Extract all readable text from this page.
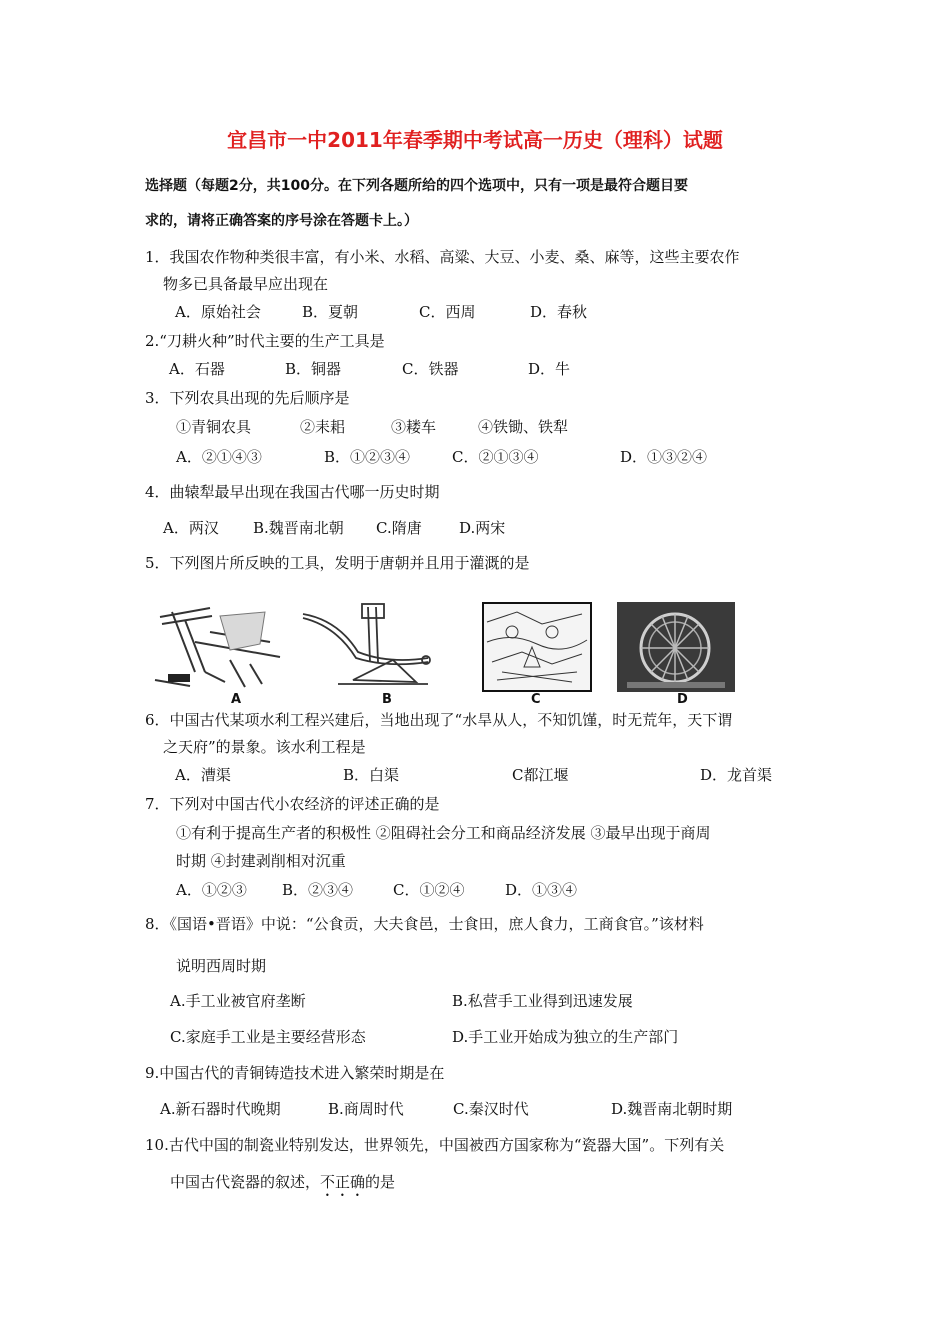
宜昌市一中2011年春季期中考试高一历史（理科）试题
选择题（每题2分，共100分。在下列各题所给的四个选项中，只有一项是最符合题目要
求的，请将正确答案的序号涂在答题卡上。）
1．我国农作物种类很丰富，有小米、水稻、高粱、大豆、小麦、桑、麻等，这些主要农作
物多已具备最早应出现在
A．原始社会	B．夏朝	C．西周	D．春秋
2.“刀耕火种”时代主要的生产工具是
A．石器	B．铜器	C．铁器	D．牛
3．下列农具出现的先后顺序是
①青铜农具	②耒耜	③耧车	④铁锄、铁犁
A．②①④③	B．①②③④	C．②①③④	D．①③②④
4．曲辕犁最早出现在我国古代哪一历史时期
A．两汉 B.魏晋南北朝 C.隋唐 D.两宋
5．下列图片所反映的工具，发明于唐朝并且用于灌溉的是
A	B	C	D
6．中国古代某项水利工程兴建后，当地出现了“水旱从人，不知饥馑，时无荒年，天下谓
之天府”的景象。该水利工程是
A．漕渠	B．白渠	C都江堰	D．龙首渠
7．下列对中国古代小农经济的评述正确的是
①有利于提高生产者的积极性 ②阻碍社会分工和商品经济发展 ③最早出现于商周
时期 ④封建剥削相对沉重
A．①②③ B．②③④	C．①②④	D．①③④
8．《国语•晋语》中说：“公食贡，大夫食邑，士食田，庶人食力，工商食官。”该材料
说明西周时期
A.手工业被官府垄断	B.私营手工业得到迅速发展
C.家庭手工业是主要经营形态	D.手工业开始成为独立的生产部门
9.中国古代的青铜铸造技术进入繁荣时期是在
A.新石器时代晚期	B.商周时代	C.秦汉时代	D.魏晋南北朝时期
10.古代中国的制瓷业特别发达，世界领先，中国被西方国家称为“瓷器大国”。下列有关
中国古代瓷器的叙述，不正确的是
